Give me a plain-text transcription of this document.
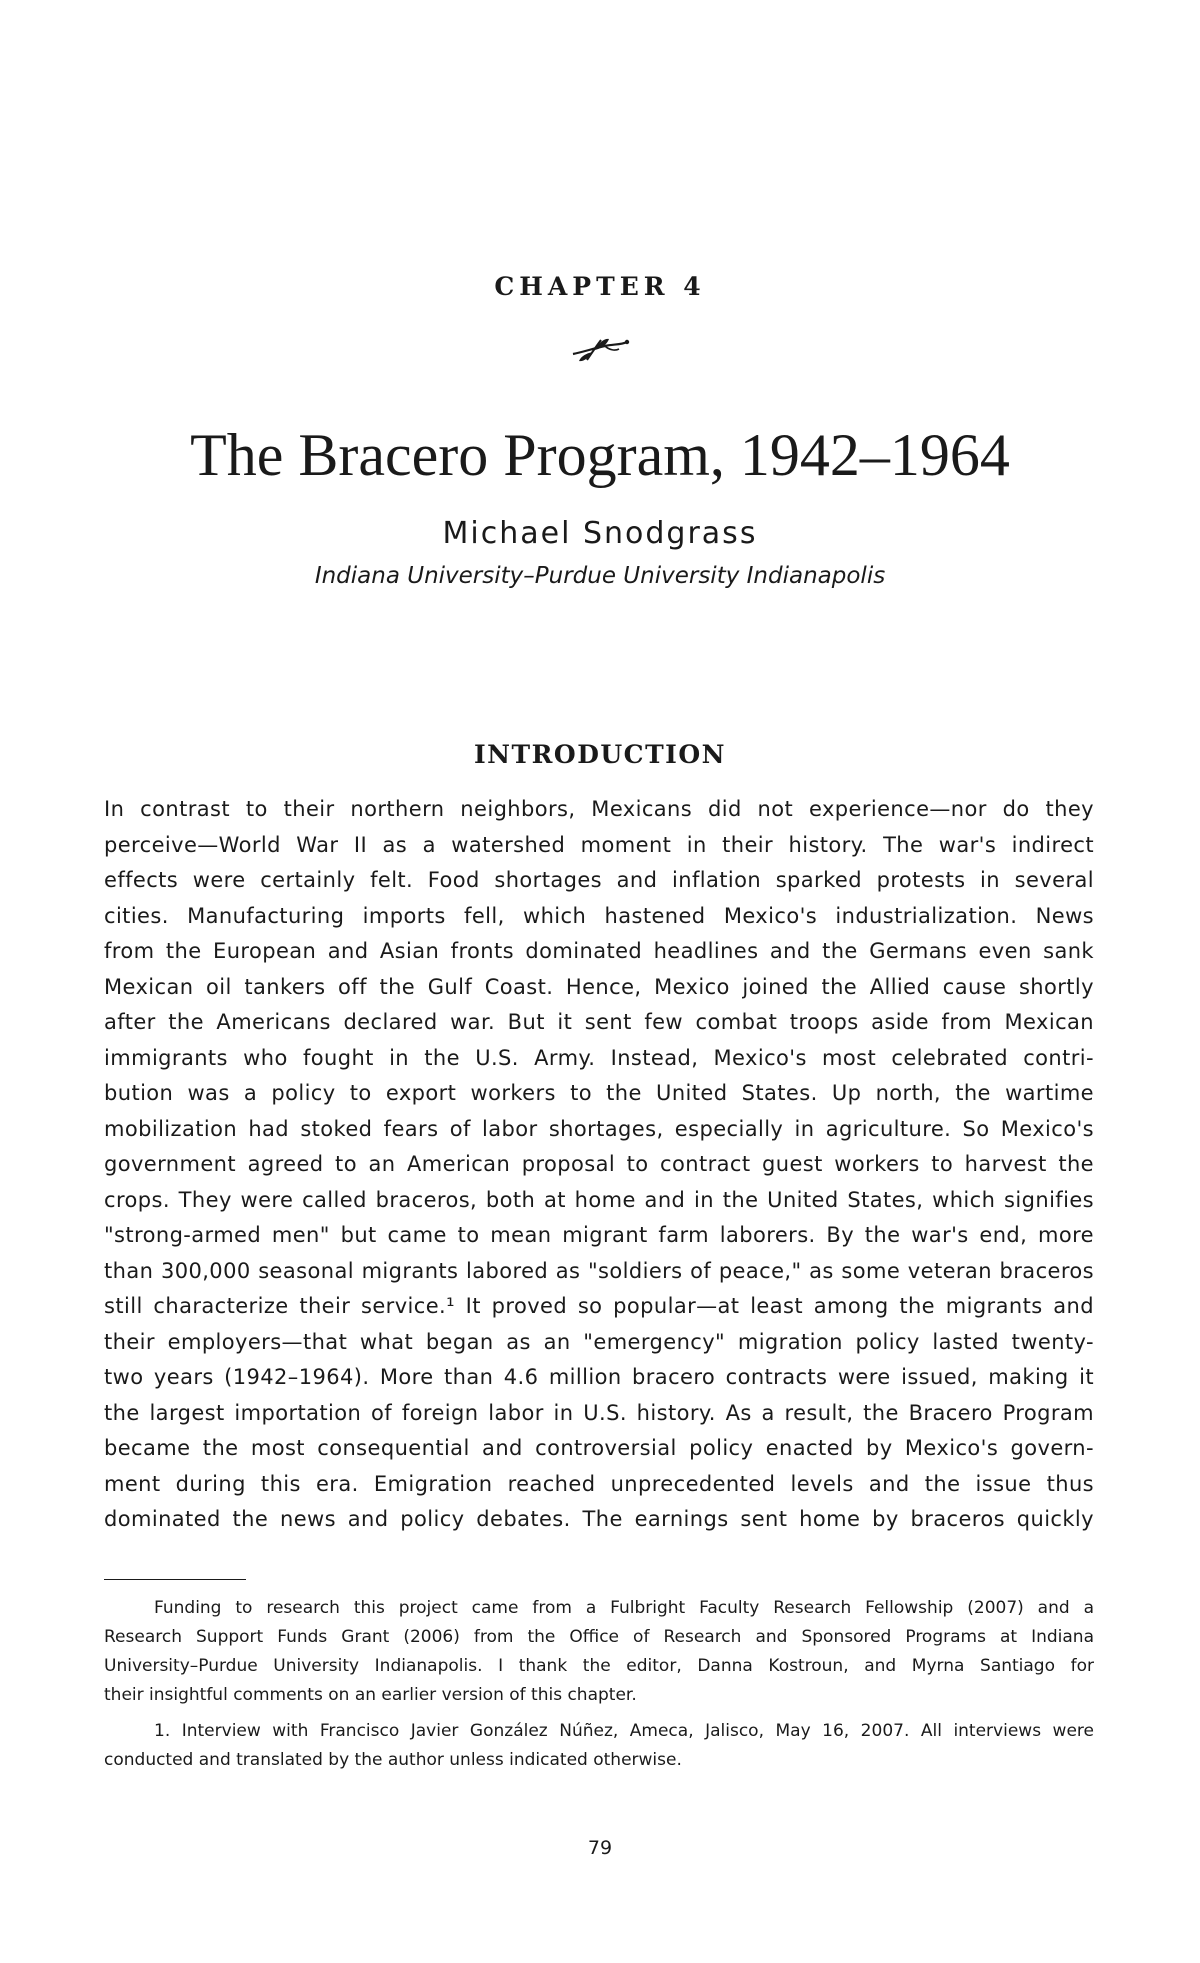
CHAPTER 4
The Bracero Program, 1942–1964
Michael Snodgrass
Indiana University–Purdue University Indianapolis
INTRODUCTION
In contrast to their northern neighbors, Mexicans did not experience—nor do they
perceive—World War II as a watershed moment in their history. The war's indirect
effects were certainly felt. Food shortages and inflation sparked protests in several
cities. Manufacturing imports fell, which hastened Mexico's industrialization. News
from the European and Asian fronts dominated headlines and the Germans even sank
Mexican oil tankers off the Gulf Coast. Hence, Mexico joined the Allied cause shortly
after the Americans declared war. But it sent few combat troops aside from Mexican
immigrants who fought in the U.S. Army. Instead, Mexico's most celebrated contri-
bution was a policy to export workers to the United States. Up north, the wartime
mobilization had stoked fears of labor shortages, especially in agriculture. So Mexico's
government agreed to an American proposal to contract guest workers to harvest the
crops. They were called braceros, both at home and in the United States, which signifies
"strong-armed men" but came to mean migrant farm laborers. By the war's end, more
than 300,000 seasonal migrants labored as "soldiers of peace," as some veteran braceros
still characterize their service.¹ It proved so popular—at least among the migrants and
their employers—that what began as an "emergency" migration policy lasted twenty-
two years (1942–1964). More than 4.6 million bracero contracts were issued, making it
the largest importation of foreign labor in U.S. history. As a result, the Bracero Program
became the most consequential and controversial policy enacted by Mexico's govern-
ment during this era. Emigration reached unprecedented levels and the issue thus
dominated the news and policy debates. The earnings sent home by braceros quickly
Funding to research this project came from a Fulbright Faculty Research Fellowship (2007) and a
Research Support Funds Grant (2006) from the Office of Research and Sponsored Programs at Indiana
University–Purdue University Indianapolis. I thank the editor, Danna Kostroun, and Myrna Santiago for
their insightful comments on an earlier version of this chapter.
1. Interview with Francisco Javier González Núñez, Ameca, Jalisco, May 16, 2007. All interviews were
conducted and translated by the author unless indicated otherwise.
79
